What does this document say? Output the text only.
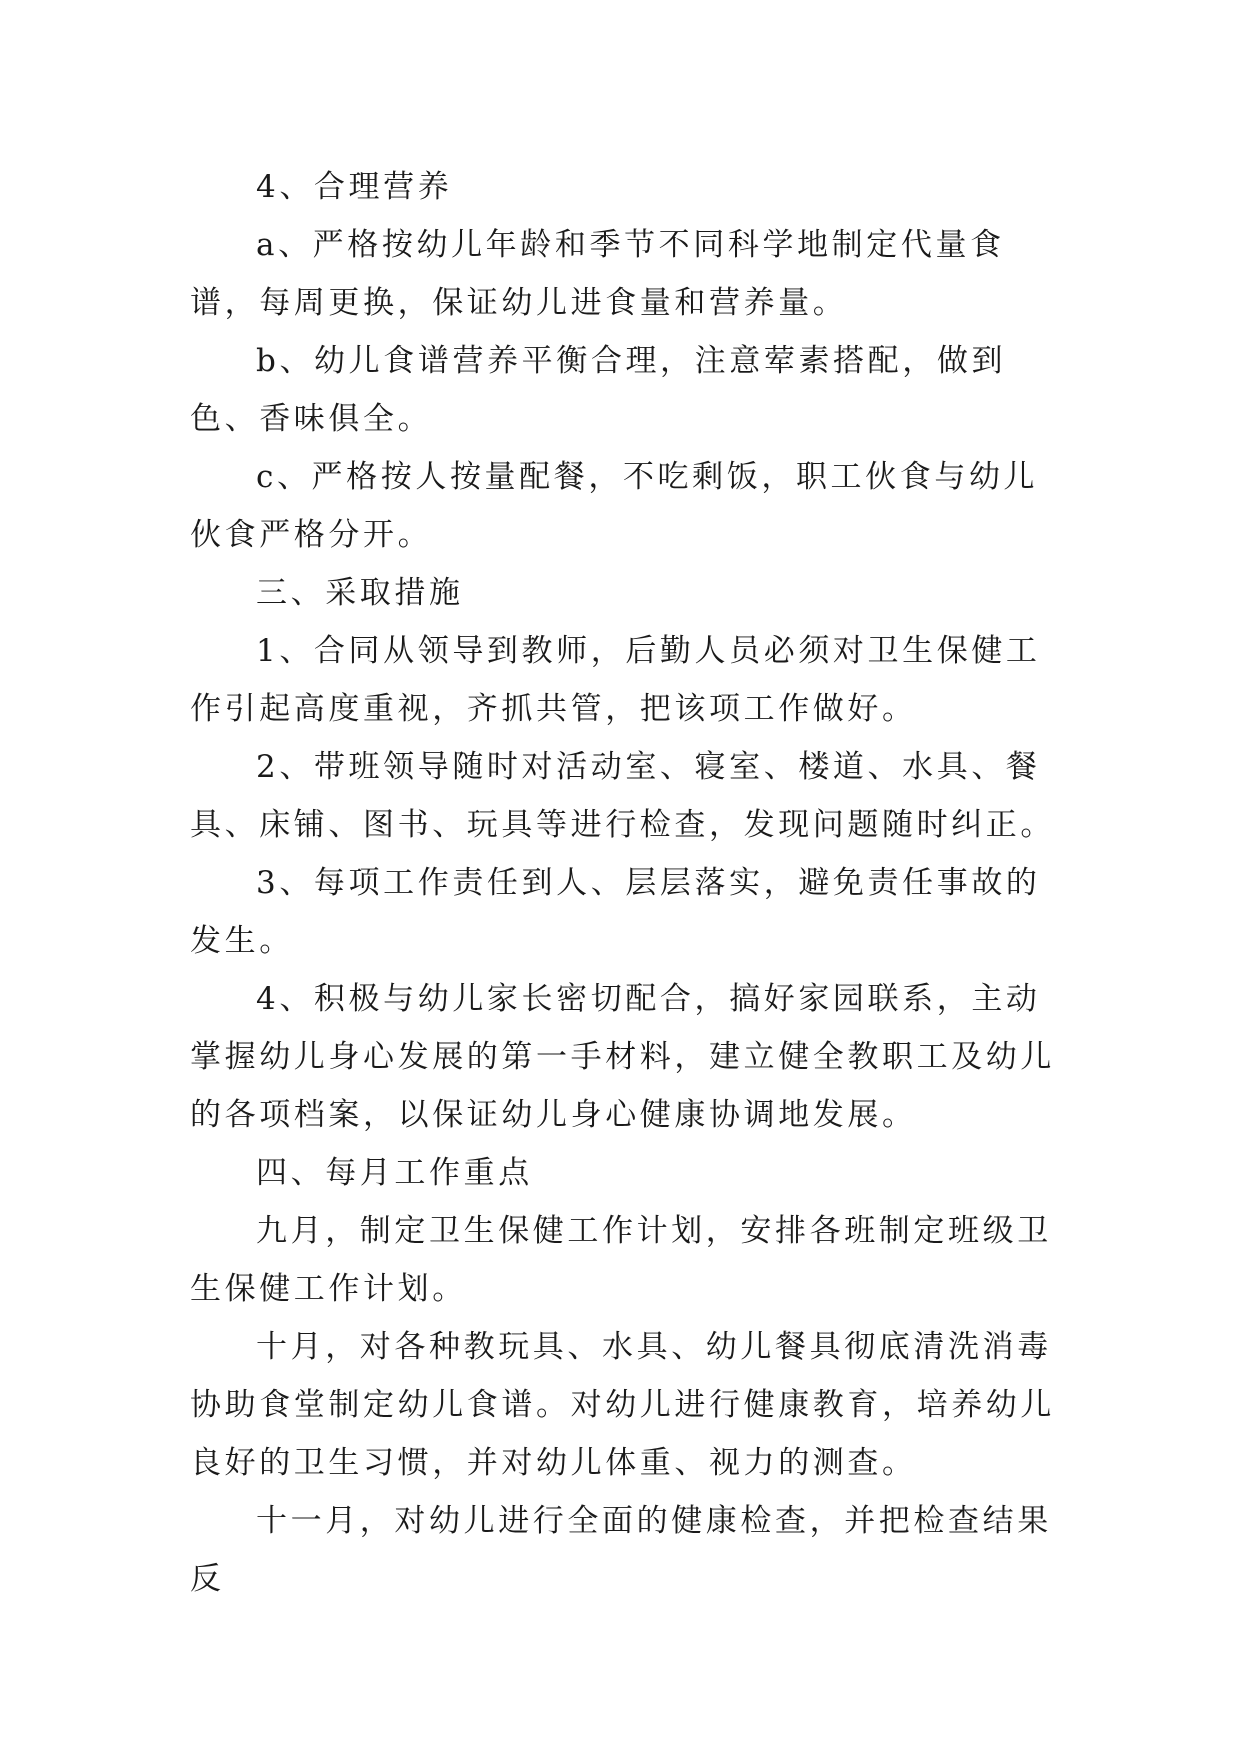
4、合理营养

a、严格按幼儿年龄和季节不同科学地制定代量食谱，每周更换，保证幼儿进食量和营养量。

b、幼儿食谱营养平衡合理，注意荤素搭配，做到色、香味俱全。

c、严格按人按量配餐，不吃剩饭，职工伙食与幼儿伙食严格分开。

三、采取措施

1、合同从领导到教师，后勤人员必须对卫生保健工作引起高度重视，齐抓共管，把该项工作做好。

2、带班领导随时对活动室、寝室、楼道、水具、餐具、床铺、图书、玩具等进行检查，发现问题随时纠正。

3、每项工作责任到人、层层落实，避免责任事故的发生。

4、积极与幼儿家长密切配合，搞好家园联系，主动掌握幼儿身心发展的第一手材料，建立健全教职工及幼儿的各项档案，以保证幼儿身心健康协调地发展。

四、每月工作重点

九月，制定卫生保健工作计划，安排各班制定班级卫生保健工作计划。

十月，对各种教玩具、水具、幼儿餐具彻底清洗消毒协助食堂制定幼儿食谱。对幼儿进行健康教育，培养幼儿良好的卫生习惯，并对幼儿体重、视力的测查。

十一月，对幼儿进行全面的健康检查，并把检查结果反
